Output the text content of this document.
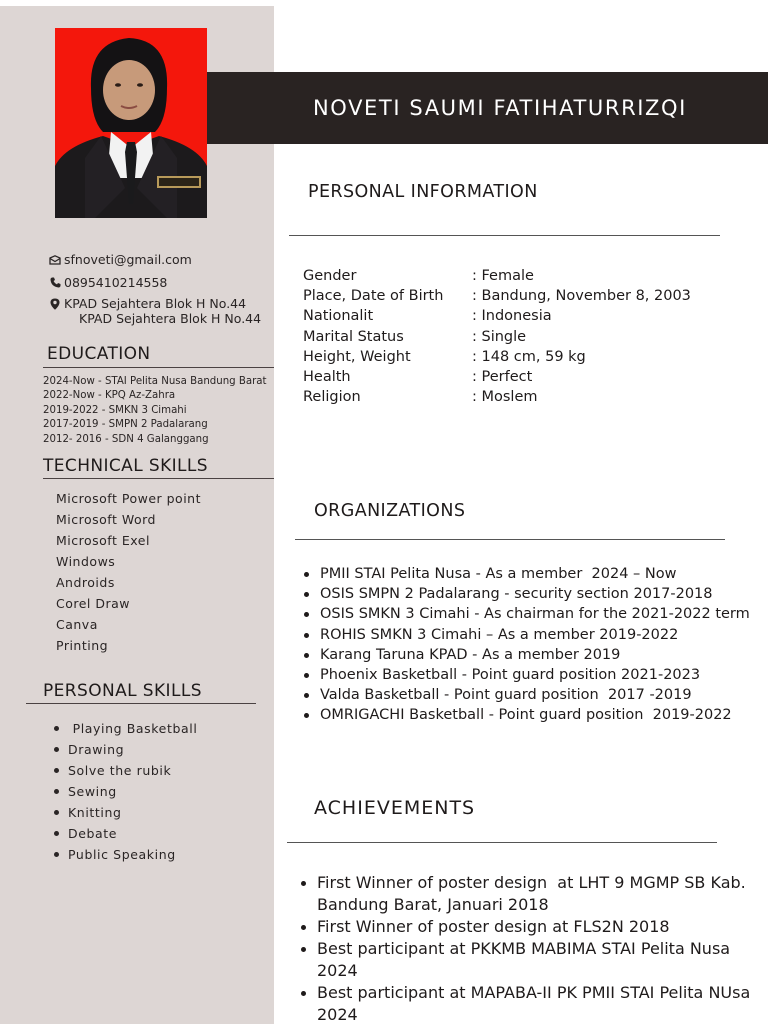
NOVETI SAUMI FATIHATURRIZQI
sfnoveti@gmail.com
0895410214558
KPAD Sejahtera Blok H No.44
KPAD Sejahtera Blok H No.44
EDUCATION
2024-Now - STAI Pelita Nusa Bandung Barat
2022-Now - KPQ Az-Zahra
2019-2022 - SMKN 3 Cimahi
2017-2019 - SMPN 2 Padalarang
2012- 2016 - SDN 4 Galanggang
TECHNICAL SKILLS
Microsoft Power point
Microsoft Word
Microsoft Exel
Windows
Androids
Corel Draw
Canva
Printing
PERSONAL SKILLS
Playing Basketball
Drawing
Solve the rubik
Sewing
Knitting
Debate
Public Speaking
PERSONAL INFORMATION
Gender	: Female
Place, Date of Birth	: Bandung, November 8, 2003
Nationalit	: Indonesia
Marital Status	: Single
Height, Weight	: 148 cm, 59 kg
Health	: Perfect
Religion	: Moslem
ORGANIZATIONS
PMII STAI Pelita Nusa - As a member  2024 – Now
OSIS SMPN 2 Padalarang - security section 2017-2018
OSIS SMKN 3 Cimahi - As chairman for the 2021-2022 term
ROHIS SMKN 3 Cimahi – As a member 2019-2022
Karang Taruna KPAD - As a member 2019
Phoenix Basketball - Point guard position 2021-2023
Valda Basketball - Point guard position  2017 -2019
OMRIGACHI Basketball - Point guard position  2019-2022
ACHIEVEMENTS
First Winner of poster design  at LHT 9 MGMP SB Kab. Bandung Barat, Januari 2018
First Winner of poster design at FLS2N 2018
Best participant at PKKMB MABIMA STAI Pelita Nusa 2024
Best participant at MAPABA-II PK PMII STAI Pelita NUsa 2024
